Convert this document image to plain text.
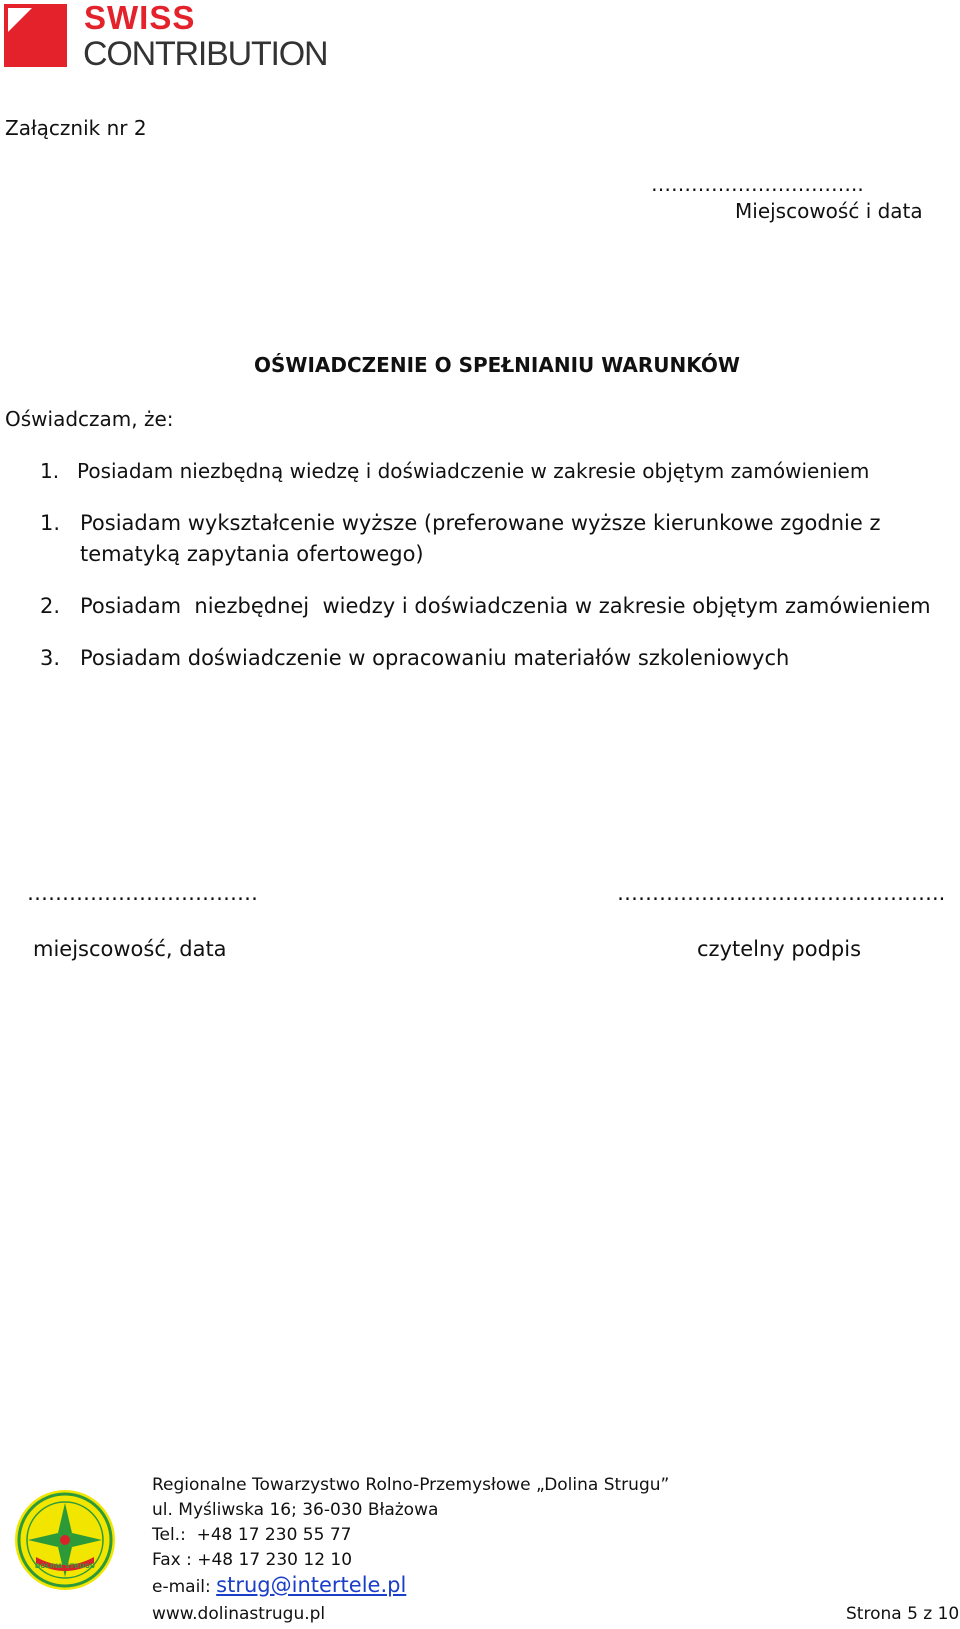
SWISS
CONTRIBUTION
Załącznik nr 2
…………………………..
Miejscowość i data
OŚWIADCZENIE O SPEŁNIANIU WARUNKÓW
Oświadczam, że:
1. Posiadam niezbędną wiedzę i doświadczenie w zakresie objętym zamówieniem
1. Posiadam wykształcenie wyższe (preferowane wyższe kierunkowe zgodnie z
tematyką zapytania ofertowego)
2. Posiadam  niezbędnej  wiedzy i doświadczenia w zakresie objętym zamówieniem
3. Posiadam doświadczenie w opracowaniu materiałów szkoleniowych
……………………………
miejscowość, data
………………………………………..
czytelny podpis
DOLINA STRUGU
Regionalne Towarzystwo Rolno-Przemysłowe „Dolina Strugu”
ul. Myśliwska 16; 36-030 Błażowa
Tel.:  +48 17 230 55 77
Fax : +48 17 230 12 10
e-mail: strug@intertele.pl
www.dolinastrugu.pl	Strona 5 z 10
